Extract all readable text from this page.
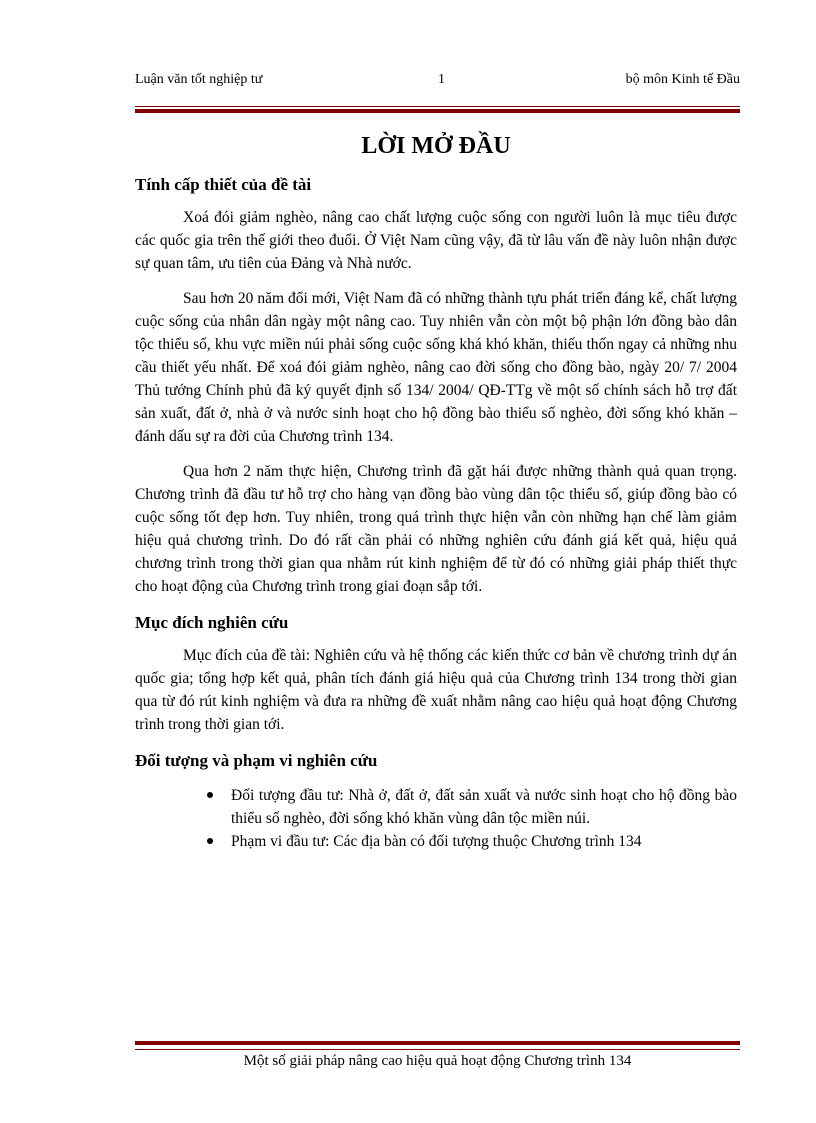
Luận văn tốt nghiệp tư	1	bộ môn Kinh tế Đầu
LỜI MỞ ĐẦU
Tính cấp thiết của đề tài

Xoá đói giảm nghèo, nâng cao chất lượng cuộc sống con người luôn là mục tiêu được các quốc gia trên thế giới theo đuổi. Ở Việt Nam cũng vậy, đã từ lâu vấn đề này luôn nhận được sự quan tâm, ưu tiên của Đảng và Nhà nước.

Sau hơn 20 năm đổi mới, Việt Nam đã có những thành tựu phát triển đáng kể, chất lượng cuộc sống của nhân dân ngày một nâng cao. Tuy nhiên vẫn còn một bộ phận lớn đồng bào dân tộc thiểu số, khu vực miền núi phải sống cuộc sống khá khó khăn, thiếu thốn ngay cả những nhu cầu thiết yếu nhất. Để xoá đói giảm nghèo, nâng cao đời sống cho đồng bào, ngày 20/ 7/ 2004 Thủ tướng Chính phủ đã ký quyết định số 134/ 2004/ QĐ-TTg về một số chính sách hỗ trợ đất sản xuất, đất ở, nhà ở và nước sinh hoạt cho hộ đồng bào thiểu số nghèo, đời sống khó khăn – đánh dấu sự ra đời của Chương trình 134.

Qua hơn 2 năm thực hiện, Chương trình đã gặt hái được những thành quả quan trọng. Chương trình đã đầu tư hỗ trợ cho hàng vạn đồng bào vùng dân tộc thiểu số, giúp đồng bào có cuộc sống tốt đẹp hơn. Tuy nhiên, trong quá trình thực hiện vẫn còn những hạn chế làm giảm hiệu quả chương trình. Do đó rất cần phải có những nghiên cứu đánh giá kết quả, hiệu quả chương trình trong thời gian qua nhằm rút kinh nghiệm để từ đó có những giải pháp thiết thực cho hoạt động của Chương trình trong giai đoạn sắp tới.

Mục đích nghiên cứu

Mục đích của đề tài: Nghiên cứu và hệ thống các kiến thức cơ bản về chương trình dự án quốc gia; tổng hợp kết quả, phân tích đánh giá hiệu quả của Chương trình 134 trong thời gian qua từ đó rút kinh nghiệm và đưa ra những đề xuất nhằm nâng cao hiệu quả hoạt động Chương trình trong thời gian tới.

Đối tượng và phạm vi nghiên cứu
Đối tượng đầu tư: Nhà ở, đất ở, đất sản xuất và nước sinh hoạt cho hộ đồng bào thiểu số nghèo, đời sống khó khăn vùng dân tộc miền núi.
Phạm vi đầu tư: Các địa bàn có đối tượng thuộc Chương trình 134
Một số giải pháp nâng cao hiệu quả hoạt động Chương trình 134
